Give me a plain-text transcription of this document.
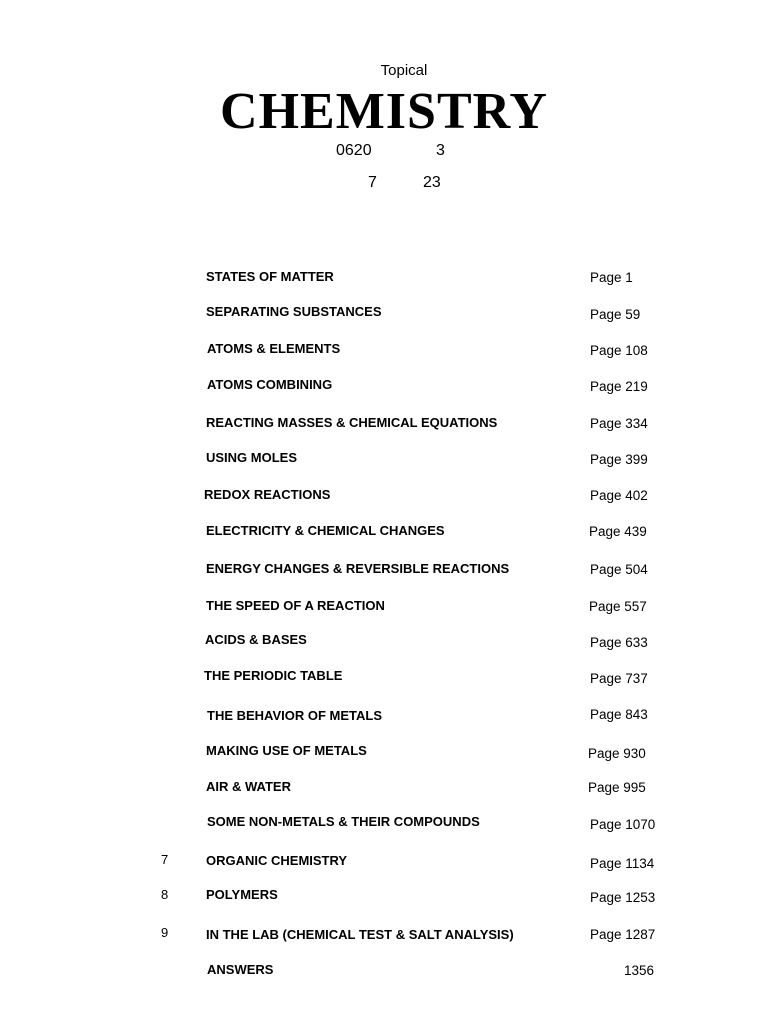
Topical
CHEMISTRY
0620	3
7	23
STATES OF MATTER	Page 1
SEPARATING SUBSTANCES	Page 59
ATOMS & ELEMENTS	Page 108
ATOMS COMBINING	Page 219
REACTING MASSES & CHEMICAL EQUATIONS	Page 334
USING MOLES	Page 399
REDOX REACTIONS	Page 402
ELECTRICITY & CHEMICAL CHANGES	Page 439
ENERGY CHANGES & REVERSIBLE REACTIONS	Page 504
THE SPEED OF A REACTION	Page 557
ACIDS & BASES	Page 633
THE PERIODIC TABLE	Page 737
THE BEHAVIOR OF METALS	Page 843
MAKING USE OF METALS	Page 930
AIR & WATER	Page 995
SOME NON-METALS & THEIR COMPOUNDS	Page 1070
7	ORGANIC CHEMISTRY	Page 1134
8	POLYMERS	Page 1253
9	IN THE LAB (CHEMICAL TEST & SALT ANALYSIS)	Page 1287
ANSWERS	1356
